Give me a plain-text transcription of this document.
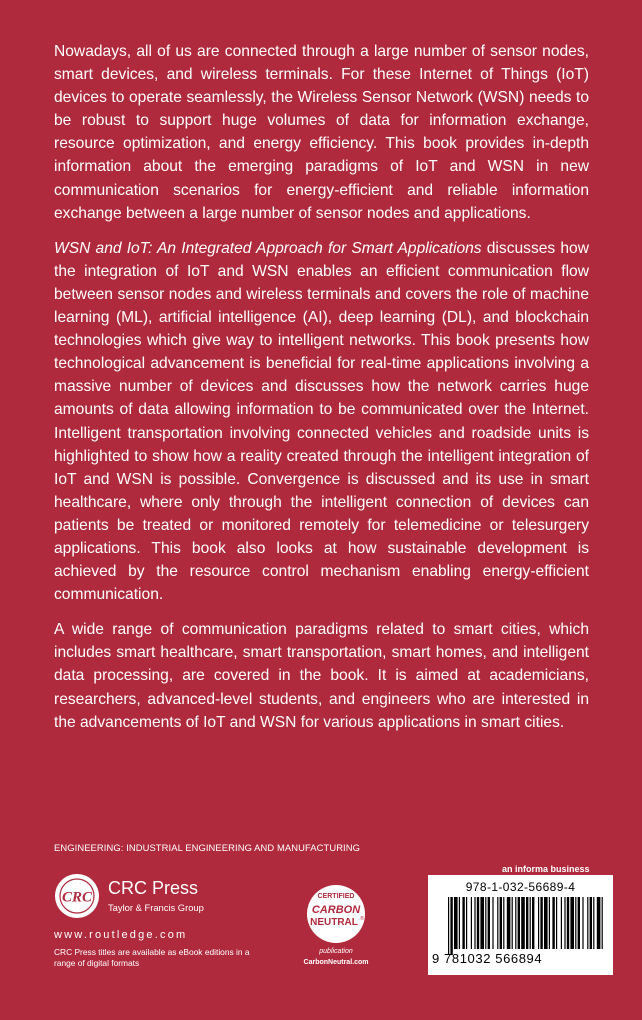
Nowadays, all of us are connected through a large number of sensor nodes, smart devices, and wireless terminals. For these Internet of Things (IoT) devices to operate seamlessly, the Wireless Sensor Network (WSN) needs to be robust to support huge volumes of data for information exchange, resource optimization, and energy efficiency. This book provides in-depth information about the emerging paradigms of IoT and WSN in new communication scenarios for energy-efficient and reliable information exchange between a large number of sensor nodes and applications.

WSN and IoT: An Integrated Approach for Smart Applications discusses how the integration of IoT and WSN enables an efficient communication flow between sensor nodes and wireless terminals and covers the role of machine learning (ML), artificial intelligence (AI), deep learning (DL), and blockchain technologies which give way to intelligent networks. This book presents how technological advancement is beneficial for real-time applications involving a massive number of devices and discusses how the network carries huge amounts of data allowing information to be communicated over the Internet. Intelligent transportation involving connected vehicles and roadside units is highlighted to show how a reality created through the intelligent integration of IoT and WSN is possible. Convergence is discussed and its use in smart healthcare, where only through the intelligent connection of devices can patients be treated or monitored remotely for telemedicine or telesurgery applications. This book also looks at how sustainable development is achieved by the resource control mechanism enabling energy-efficient communication.

A wide range of communication paradigms related to smart cities, which includes smart healthcare, smart transportation, smart homes, and intelligent data processing, are covered in the book. It is aimed at academicians, researchers, advanced-level students, and engineers who are interested in the advancements of IoT and WSN for various applications in smart cities.

ENGINEERING: INDUSTRIAL ENGINEERING AND MANUFACTURING
an informa business
CRC CRC Press
Taylor & Francis Group
www.routledge.com
CRC Press titles are available as eBook editions in a range of digital formats
CERTIFIED
CARBON
NEUTRAL ®
publication
CarbonNeutral.com
978-1-032-56689-4
9 781032 566894
